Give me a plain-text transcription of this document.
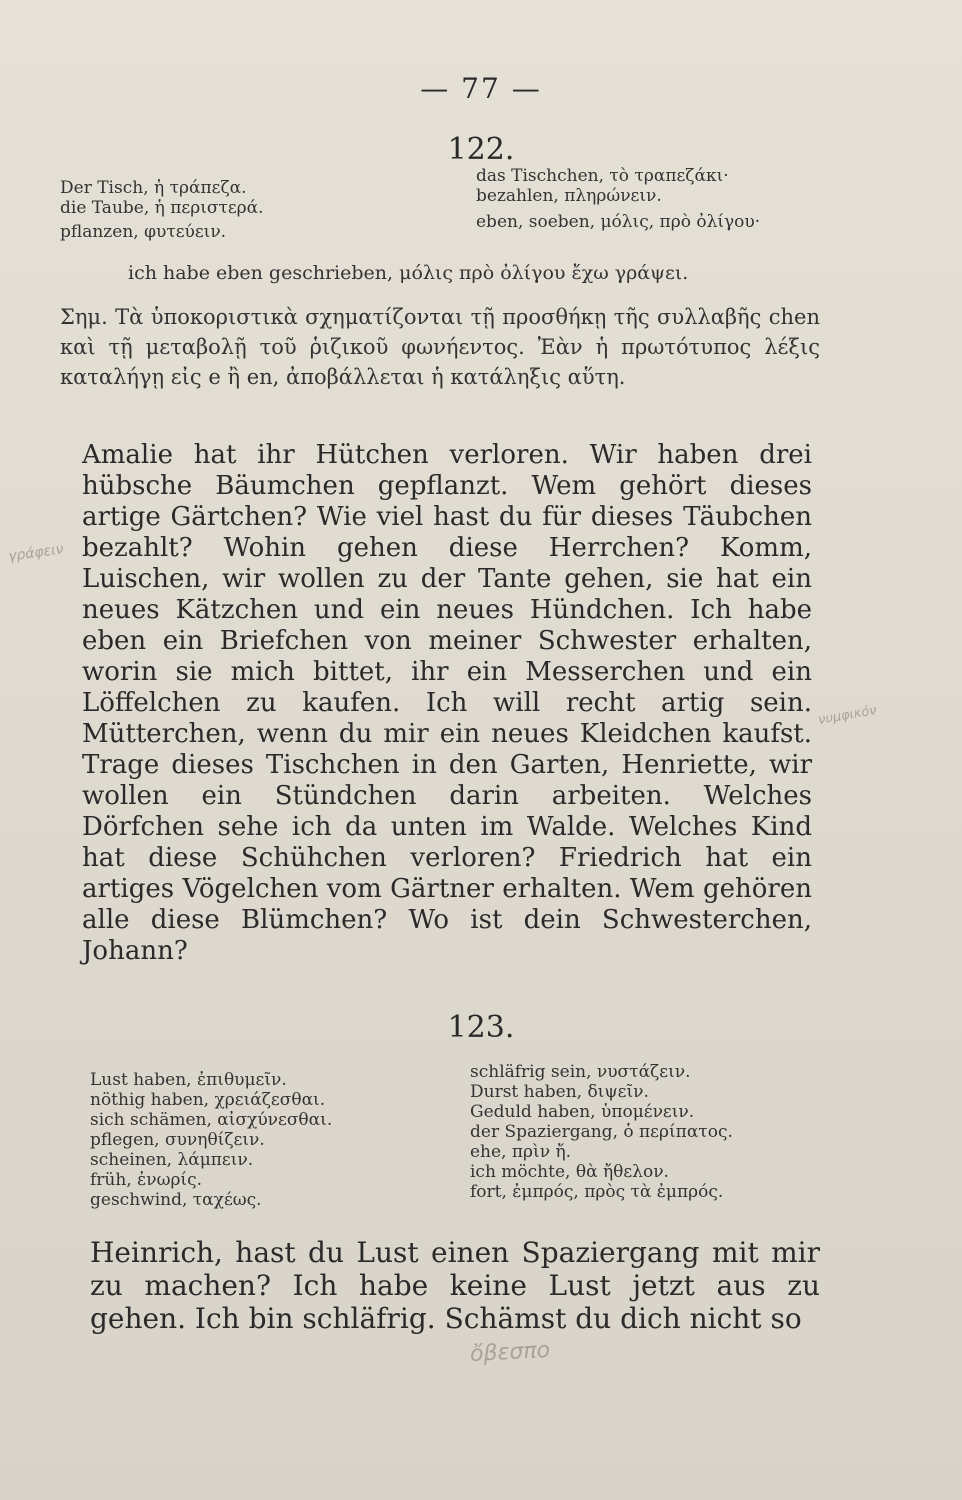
— 77 —
122.
Der Tisch, ἡ τράπεζα.
die Taube, ἡ περιστερά.
pflanzen, φυτεύειν.
das Tischchen, τὸ τραπεζάκι·
bezahlen, πληρώνειν.
eben, soeben, μόλις, πρὸ ὀλίγου·
ich habe eben geschrieben, μόλις πρὸ ὀλίγου ἔχω γράψει.
Σημ. Τὰ ὑποκοριστικὰ σχηματίζονται τῇ προσθήκῃ τῆς συλλαβῆς chen καὶ τῇ μεταβολῇ τοῦ ῥιζικοῦ φωνήεντος. Ἐὰν ἡ πρωτότυπος λέξις καταλήγῃ εἰς e ἢ en, ἀποβάλλεται ἡ κατάληξις αὕτη.
Amalie hat ihr Hütchen verloren. Wir haben drei hübsche Bäumchen gepflanzt. Wem gehört dieses artige Gärtchen? Wie viel hast du für dieses Täubchen bezahlt? Wohin gehen diese Herrchen? Komm, Luischen, wir wollen zu der Tante gehen, sie hat ein neues Kätzchen und ein neues Hündchen. Ich habe eben ein Briefchen von meiner Schwester erhalten, worin sie mich bittet, ihr ein Messerchen und ein Löffelchen zu kaufen. Ich will recht artig sein. Mütterchen, wenn du mir ein neues Kleidchen kaufst. Trage dieses Tischchen in den Garten, Henriette, wir wollen ein Stündchen darin arbeiten. Welches Dörfchen sehe ich da unten im Walde. Welches Kind hat diese Schühchen verloren? Friedrich hat ein artiges Vögelchen vom Gärtner erhalten. Wem gehören alle diese Blümchen? Wo ist dein Schwesterchen, Johann?
123.
Lust haben, ἐπιθυμεῖν.
nöthig haben, χρειάζεσθαι.
sich schämen, αἰσχύνεσθαι.
pflegen, συνηθίζειν.
scheinen, λάμπειν.
früh, ἐνωρίς.
geschwind, ταχέως.
schläfrig sein, νυστάζειν.
Durst haben, διψεῖν.
Geduld haben, ὑπομένειν.
der Spaziergang, ὁ περίπατος.
ehe, πρὶν ἤ.
ich möchte, θὰ ἤθελον.
fort, ἐμπρός, πρὸς τὰ ἐμπρός.
Heinrich, hast du Lust einen Spaziergang mit mir zu machen? Ich habe keine Lust jetzt aus zu gehen. Ich bin schläfrig. Schämst du dich nicht so
γράφειν
νυμφικόν
ὄβεσπο
